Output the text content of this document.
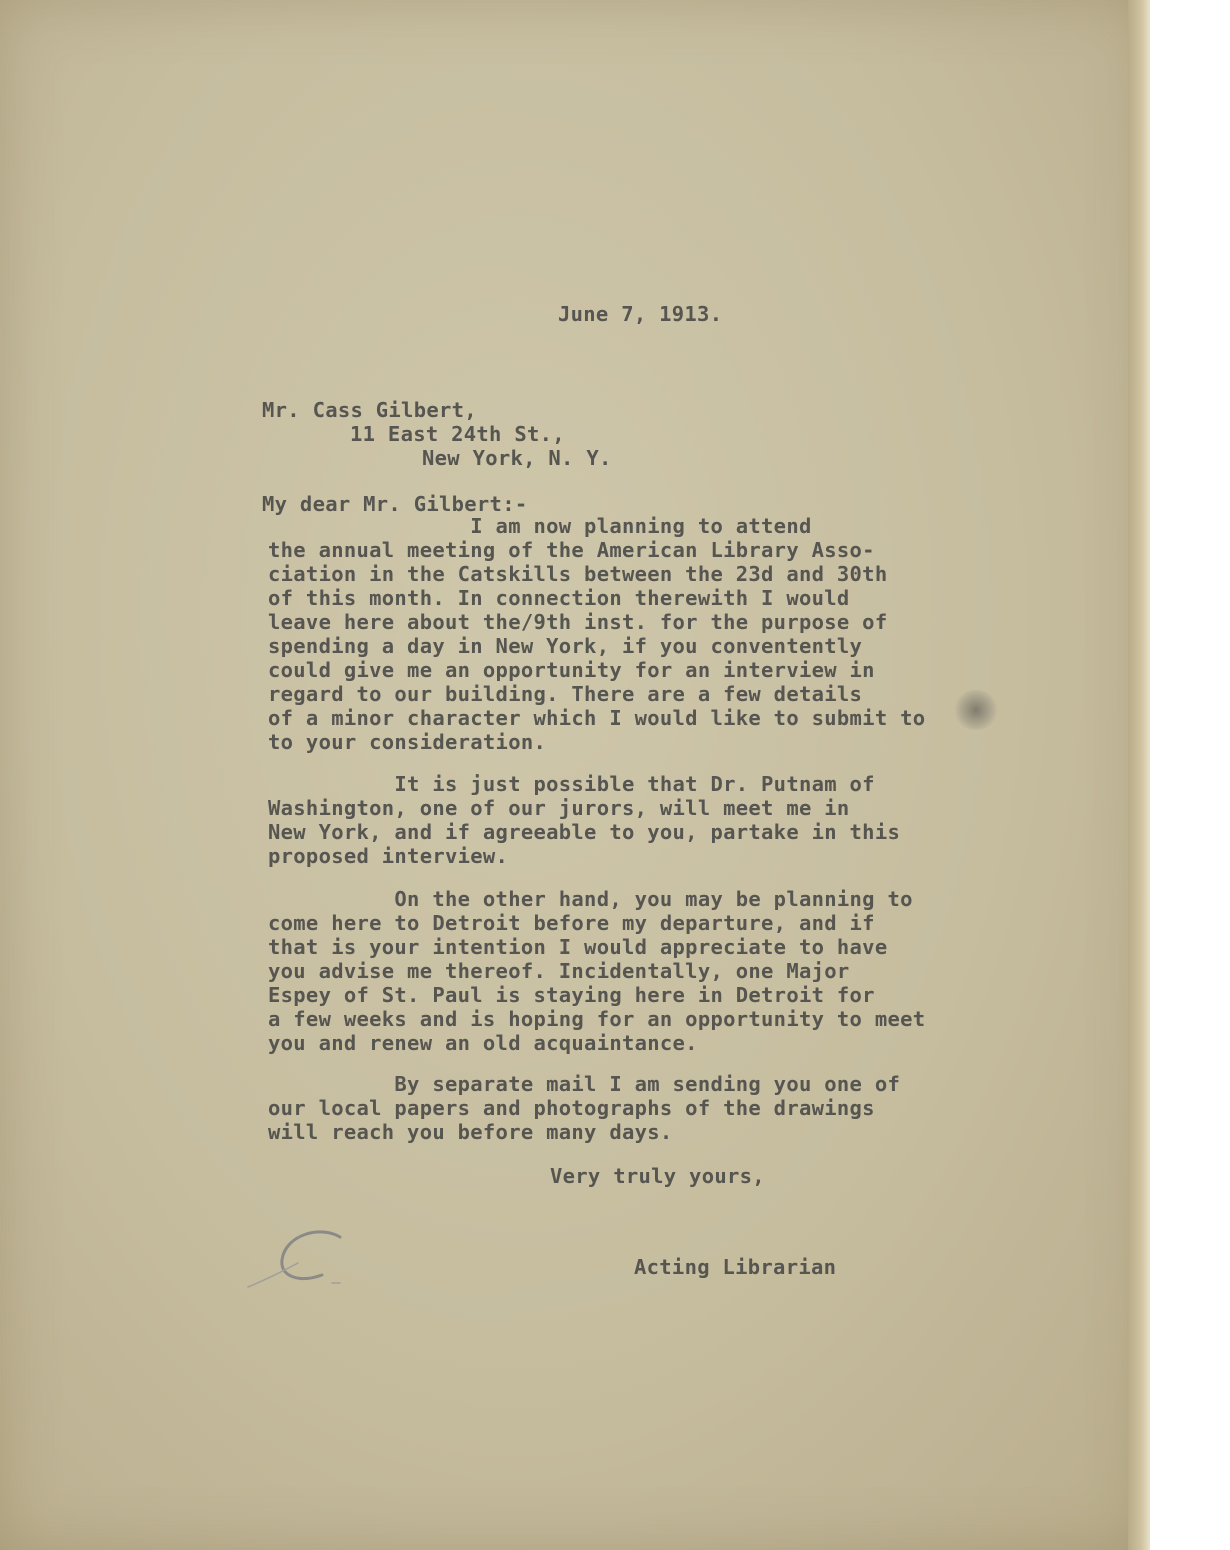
June 7, 1913.
Mr. Cass Gilbert,
11 East 24th St.,
New York, N. Y.
My dear Mr. Gilbert:-
I am now planning to attend
the annual meeting of the American Library Asso-
ciation in the Catskills between the 23d and 30th
of this month. In connection therewith I would
leave here about the/9th inst. for the purpose of
spending a day in New York, if you conventently
could give me an opportunity for an interview in
regard to our building. There are a few details
of a minor character which I would like to submit to
to your consideration.
It is just possible that Dr. Putnam of
Washington, one of our jurors, will meet me in
New York, and if agreeable to you, partake in this
proposed interview.
On the other hand, you may be planning to
come here to Detroit before my departure, and if
that is your intention I would appreciate to have
you advise me thereof. Incidentally, one Major
Espey of St. Paul is staying here in Detroit for
a few weeks and is hoping for an opportunity to meet
you and renew an old acquaintance.
By separate mail I am sending you one of
our local papers and photographs of the drawings
will reach you before many days.
Very truly yours,
Acting Librarian
